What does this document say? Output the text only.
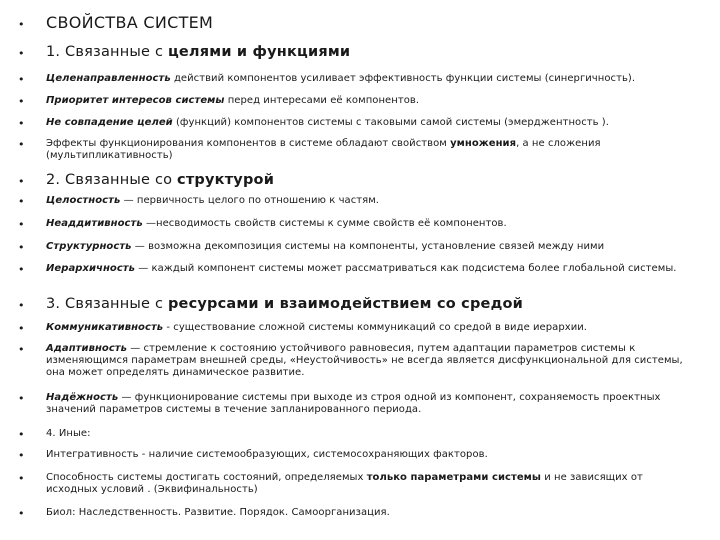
• СВОЙСТВА СИСТЕМ
• 1. Связанные с целями и функциями
• Целенаправленность действий компонентов усиливает эффективность функции системы (синергичность).
• Приоритет интересов системы перед интересами её компонентов.
• Не совпадение целей (функций) компонентов системы с таковыми самой системы (эмерджентность ).
• Эффекты функционирования компонентов в системе обладают свойством умножения, а не сложения (мультипликативность)
• 2. Связанные со структурой
• Целостность — первичность целого по отношению к частям.
• Неаддитивность —несводимость свойств системы к сумме свойств её компонентов.
• Структурность — возможна декомпозиция системы на компоненты, установление связей между ними
• Иерархичность — каждый компонент системы может рассматриваться как подсистема более глобальной системы.
• 3. Связанные с ресурсами и взаимодействием со средой
• Коммуникативность - существование сложной системы коммуникаций со средой в виде иерархии.
• Адаптивность — стремление к состоянию устойчивого равновесия, путем адаптации параметров системы к изменяющимся параметрам внешней среды, «Неустойчивость» не всегда является дисфункциональной для системы, она может определять динамическое развитие.
• Надёжность — функционирование системы при выходе из строя одной из компонент, сохраняемость проектных значений параметров системы в течение запланированного периода.
• 4. Иные:
• Интегративность - наличие системообразующих, системосохраняющих факторов.
• Способность системы достигать состояний, определяемых только параметрами системы и не зависящих от исходных условий . (Эквифинальность)
• Биол: Наследственность. Развитие. Порядок. Самоорганизация.
